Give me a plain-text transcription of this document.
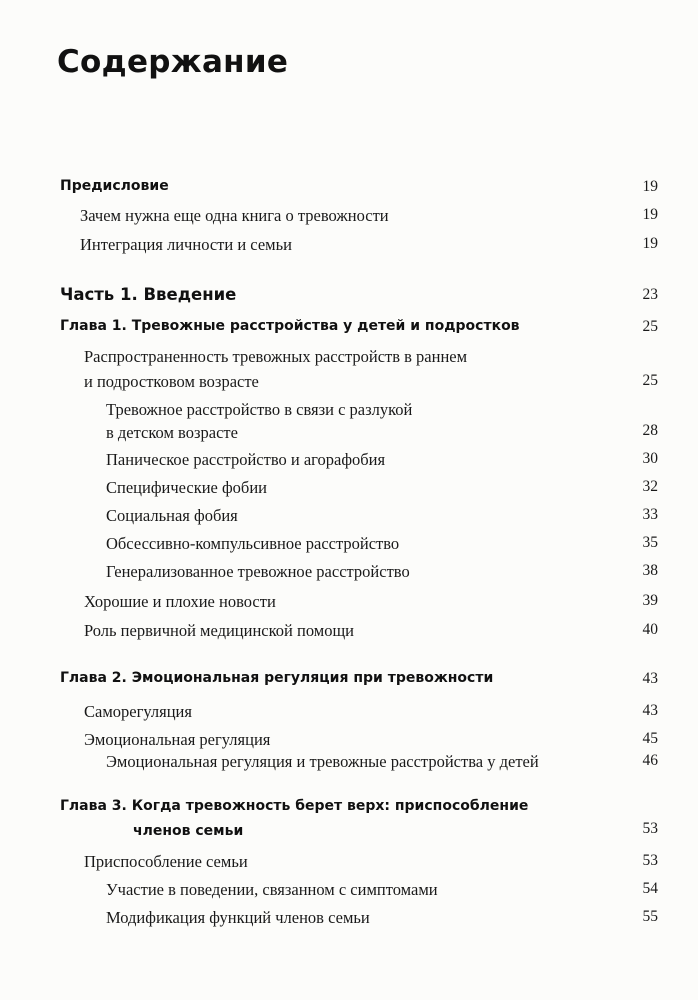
Содержание
Предисловие	19
Зачем нужна еще одна книга о тревожности	19
Интеграция личности и семьи	19
Часть 1. Введение	23
Глава 1. Тревожные расстройства у детей и подростков	25
Распространенность тревожных расстройств в раннем
и подростковом возрасте	25
Тревожное расстройство в связи с разлукой
в детском возрасте	28
Паническое расстройство и агорафобия	30
Специфические фобии	32
Социальная фобия	33
Обсессивно-компульсивное расстройство	35
Генерализованное тревожное расстройство	38
Хорошие и плохие новости	39
Роль первичной медицинской помощи	40
Глава 2. Эмоциональная регуляция при тревожности	43
Саморегуляция	43
Эмоциональная регуляция	45
Эмоциональная регуляция и тревожные расстройства у детей	46
Глава 3. Когда тревожность берет верх: приспособление
членов семьи	53
Приспособление семьи	53
Участие в поведении, связанном с симптомами	54
Модификация функций членов семьи	55
